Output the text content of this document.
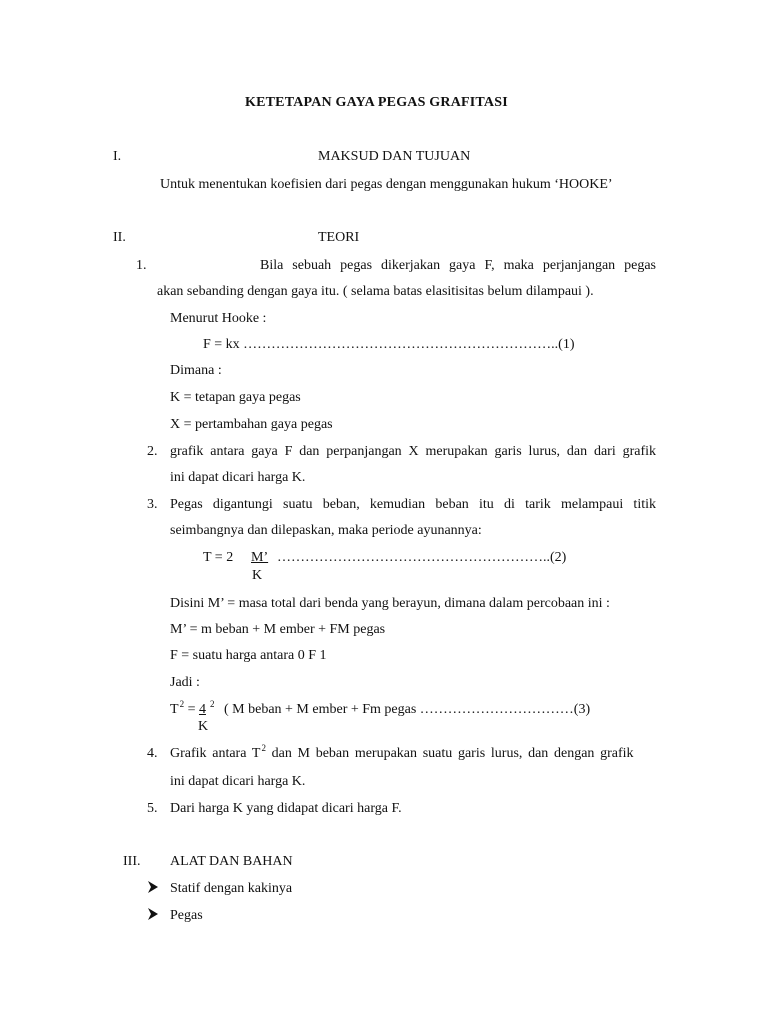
KETETAPAN GAYA PEGAS GRAFITASI
I.	MAKSUD DAN TUJUAN
Untuk menentukan koefisien dari pegas dengan menggunakan hukum ‘HOOKE’
II.	TEORI
1.	Bila sebuah pegas dikerjakan gaya F, maka perjanjangan pegas
akan sebanding dengan gaya itu. ( selama batas elasitisitas belum dilampaui ).
Menurut Hooke :
F = kx …………………………………………………………..(1)
Dimana :
K = tetapan gaya pegas
X = pertambahan gaya pegas
2. grafik antara gaya F dan perpanjangan X merupakan garis lurus, dan dari grafik
ini dapat dicari harga K.
3. Pegas digantungi suatu beban, kemudian beban itu di tarik melampaui titik
seimbangnya dan dilepaskan, maka periode ayunannya:
T = 2 M’
K
…………………………………………………..(2)
Disini M’ = masa total dari benda yang berayun, dimana dalam percobaan ini :
M’ = m beban + M ember + FM pegas
F = suatu harga antara 0 F 1
Jadi :
$T^2 = 4$ $^2$
K
( M beban + M ember + Fm pegas ……………………………(3)
4. Grafik antara $T^2$ dan M beban merupakan suatu garis lurus, dan dengan grafik
ini dapat dicari harga K.
5. Dari harga K yang didapat dicari harga F.
III. ALAT DAN BAHAN
Statif dengan kakinya
Pegas
